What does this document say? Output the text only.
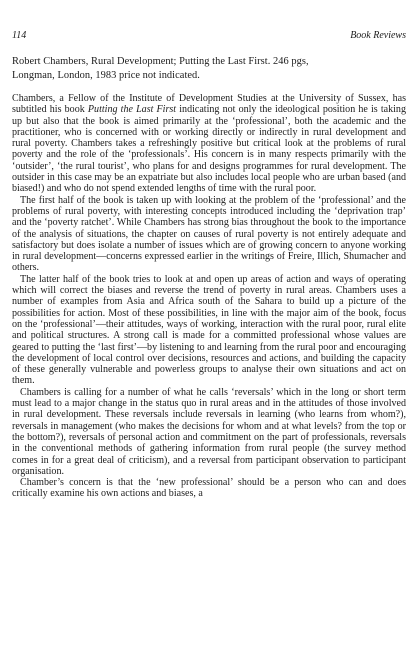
114	Book Reviews
Robert Chambers, Rural Development; Putting the Last First. 246 pgs,
Longman, London, 1983 price not indicated.

Chambers, a Fellow of the Institute of Development Studies at the University of Sussex, has subtitled his book Putting the Last First indicating not only the ideological position he is taking up but also that the book is aimed primarily at the ‘professional’, both the academic and the practitioner, who is concerned with or working directly or indirectly in rural development and rural poverty. Chambers takes a refreshingly positive but critical look at the problems of rural poverty and the role of the ‘professionals’. His concern is in many respects primarily with the ‘outsider’, ‘the rural tourist’, who plans for and designs programmes for rural development. The outsider in this case may be an expatriate but also includes local people who are urban based (and biased!) and who do not spend extended lengths of time with the rural poor.

The first half of the book is taken up with looking at the problem of the ‘professional’ and the problems of rural poverty, with interesting concepts introduced including the ‘deprivation trap’ and the ‘poverty ratchet’. While Chambers has strong bias throughout the book to the importance of the analysis of situations, the chapter on causes of rural poverty is not entirely adequate and satisfactory but does isolate a number of issues which are of growing concern to anyone working in rural development—concerns expressed earlier in the writings of Freire, Illich, Shumacher and others.

The latter half of the book tries to look at and open up areas of action and ways of operating which will correct the biases and reverse the trend of poverty in rural areas. Chambers uses a number of examples from Asia and Africa south of the Sahara to build up a picture of the possibilities for action. Most of these possibilities, in line with the major aim of the book, focus on the ‘professional’—their attitudes, ways of working, interaction with the rural poor, rural elite and political structures. A strong call is made for a committed professional whose values are geared to putting the ‘last first’—by listening to and learning from the rural poor and encouraging the development of local control over decisions, resources and actions, and building the capacity of these generally vulnerable and powerless groups to analyse their own situations and act on them.

Chambers is calling for a number of what he calls ‘reversals’ which in the long or short term must lead to a major change in the status quo in rural areas and in the attitudes of those involved in rural development. These reversals include reversals in learning (who learns from whom?), reversals in management (who makes the decisions for whom and at what levels? from the top or the bottom?), reversals of personal action and commitment on the part of professionals, reversals in the conventional methods of gathering information from rural people (the survey method comes in for a great deal of criticism), and a reversal from participant observation to participant organisation.

Chamber’s concern is that the ‘new professional’ should be a person who can and does critically examine his own actions and biases, a
